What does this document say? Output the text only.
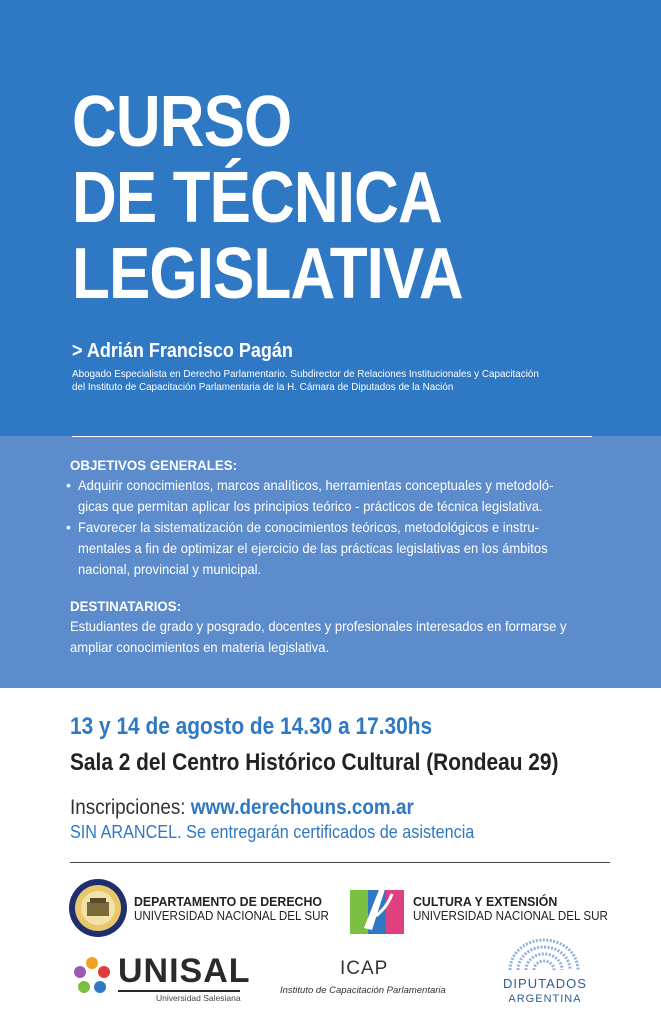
CURSO
DE TÉCNICA
LEGISLATIVA
> Adrián Francisco Pagán
Abogado Especialista en Derecho Parlamentario. Subdirector de Relaciones Institucionales y Capacitación
del Instituto de Capacitación Parlamentaria de la H. Cámara de Diputados de la Nación
OBJETIVOS GENERALES:
• Adquirir conocimientos, marcos analíticos, herramientas conceptuales y metodoló-
gicas que permitan aplicar los principios teórico - prácticos de técnica legislativa.
• Favorecer la sistematización de conocimientos teóricos, metodológicos e instru-
mentales a fin de optimizar el ejercicio de las prácticas legislativas en los ámbitos
nacional, provincial y municipal.
DESTINATARIOS:
Estudiantes de grado y posgrado, docentes y profesionales interesados en formarse y
ampliar conocimientos en materia legislativa.
13 y 14 de agosto de 14.30 a 17.30hs
Sala 2 del Centro Histórico Cultural (Rondeau 29)
Inscripciones: www.derechouns.com.ar
SIN ARANCEL. Se entregarán certificados de asistencia
DEPARTAMENTO DE DERECHO
UNIVERSIDAD NACIONAL DEL SUR
CULTURA Y EXTENSIÓN
UNIVERSIDAD NACIONAL DEL SUR
UNISAL
Universidad Salesiana
ICAP
Instituto de Capacitación Parlamentaria	DIPUTADOS
ARGENTINA
